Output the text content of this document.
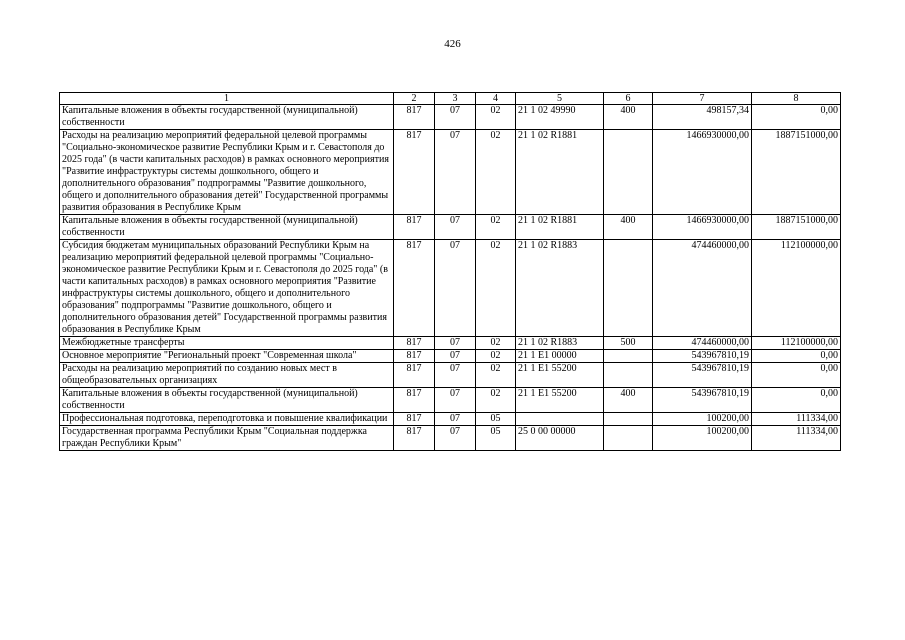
426
1	2	3	4	5	6	7	8
Капитальные вложения в объекты государственной (муниципальной) собственности	817	07	02	21 1 02 49990	400	498157,34	0,00
Расходы на реализацию мероприятий федеральной целевой программы "Социально-экономическое развитие Республики Крым и г. Севастополя до 2025 года" (в части капитальных расходов) в рамках основного мероприятия "Развитие инфраструктуры системы дошкольного, общего и дополнительного образования" подпрограммы "Развитие дошкольного, общего и дополнительного образования детей" Государственной программы развития образования в Республике Крым	817	07	02	21 1 02 R1881		1466930000,00	1887151000,00
Капитальные вложения в объекты государственной (муниципальной) собственности	817	07	02	21 1 02 R1881	400	1466930000,00	1887151000,00
Субсидия бюджетам муниципальных образований Республики Крым на реализацию мероприятий федеральной целевой программы "Социально-экономическое развитие Республики Крым и г. Севастополя до 2025 года" (в части капитальных расходов) в рамках основного мероприятия "Развитие инфраструктуры системы дошкольного, общего и дополнительного образования" подпрограммы "Развитие дошкольного, общего и дополнительного образования детей" Государственной программы развития образования в Республике Крым	817	07	02	21 1 02 R1883		474460000,00	112100000,00
Межбюджетные трансферты	817	07	02	21 1 02 R1883	500	474460000,00	112100000,00
Основное мероприятие "Региональный проект "Современная школа"	817	07	02	21 1 E1 00000		543967810,19	0,00
Расходы на реализацию мероприятий по созданию новых мест в общеобразовательных организациях	817	07	02	21 1 E1 55200		543967810,19	0,00
Капитальные вложения в объекты государственной (муниципальной) собственности	817	07	02	21 1 E1 55200	400	543967810,19	0,00
Профессиональная подготовка, переподготовка и повышение квалификации	817	07	05			100200,00	111334,00
Государственная программа Республики Крым "Социальная поддержка граждан Республики Крым"	817	07	05	25 0 00 00000		100200,00	111334,00
